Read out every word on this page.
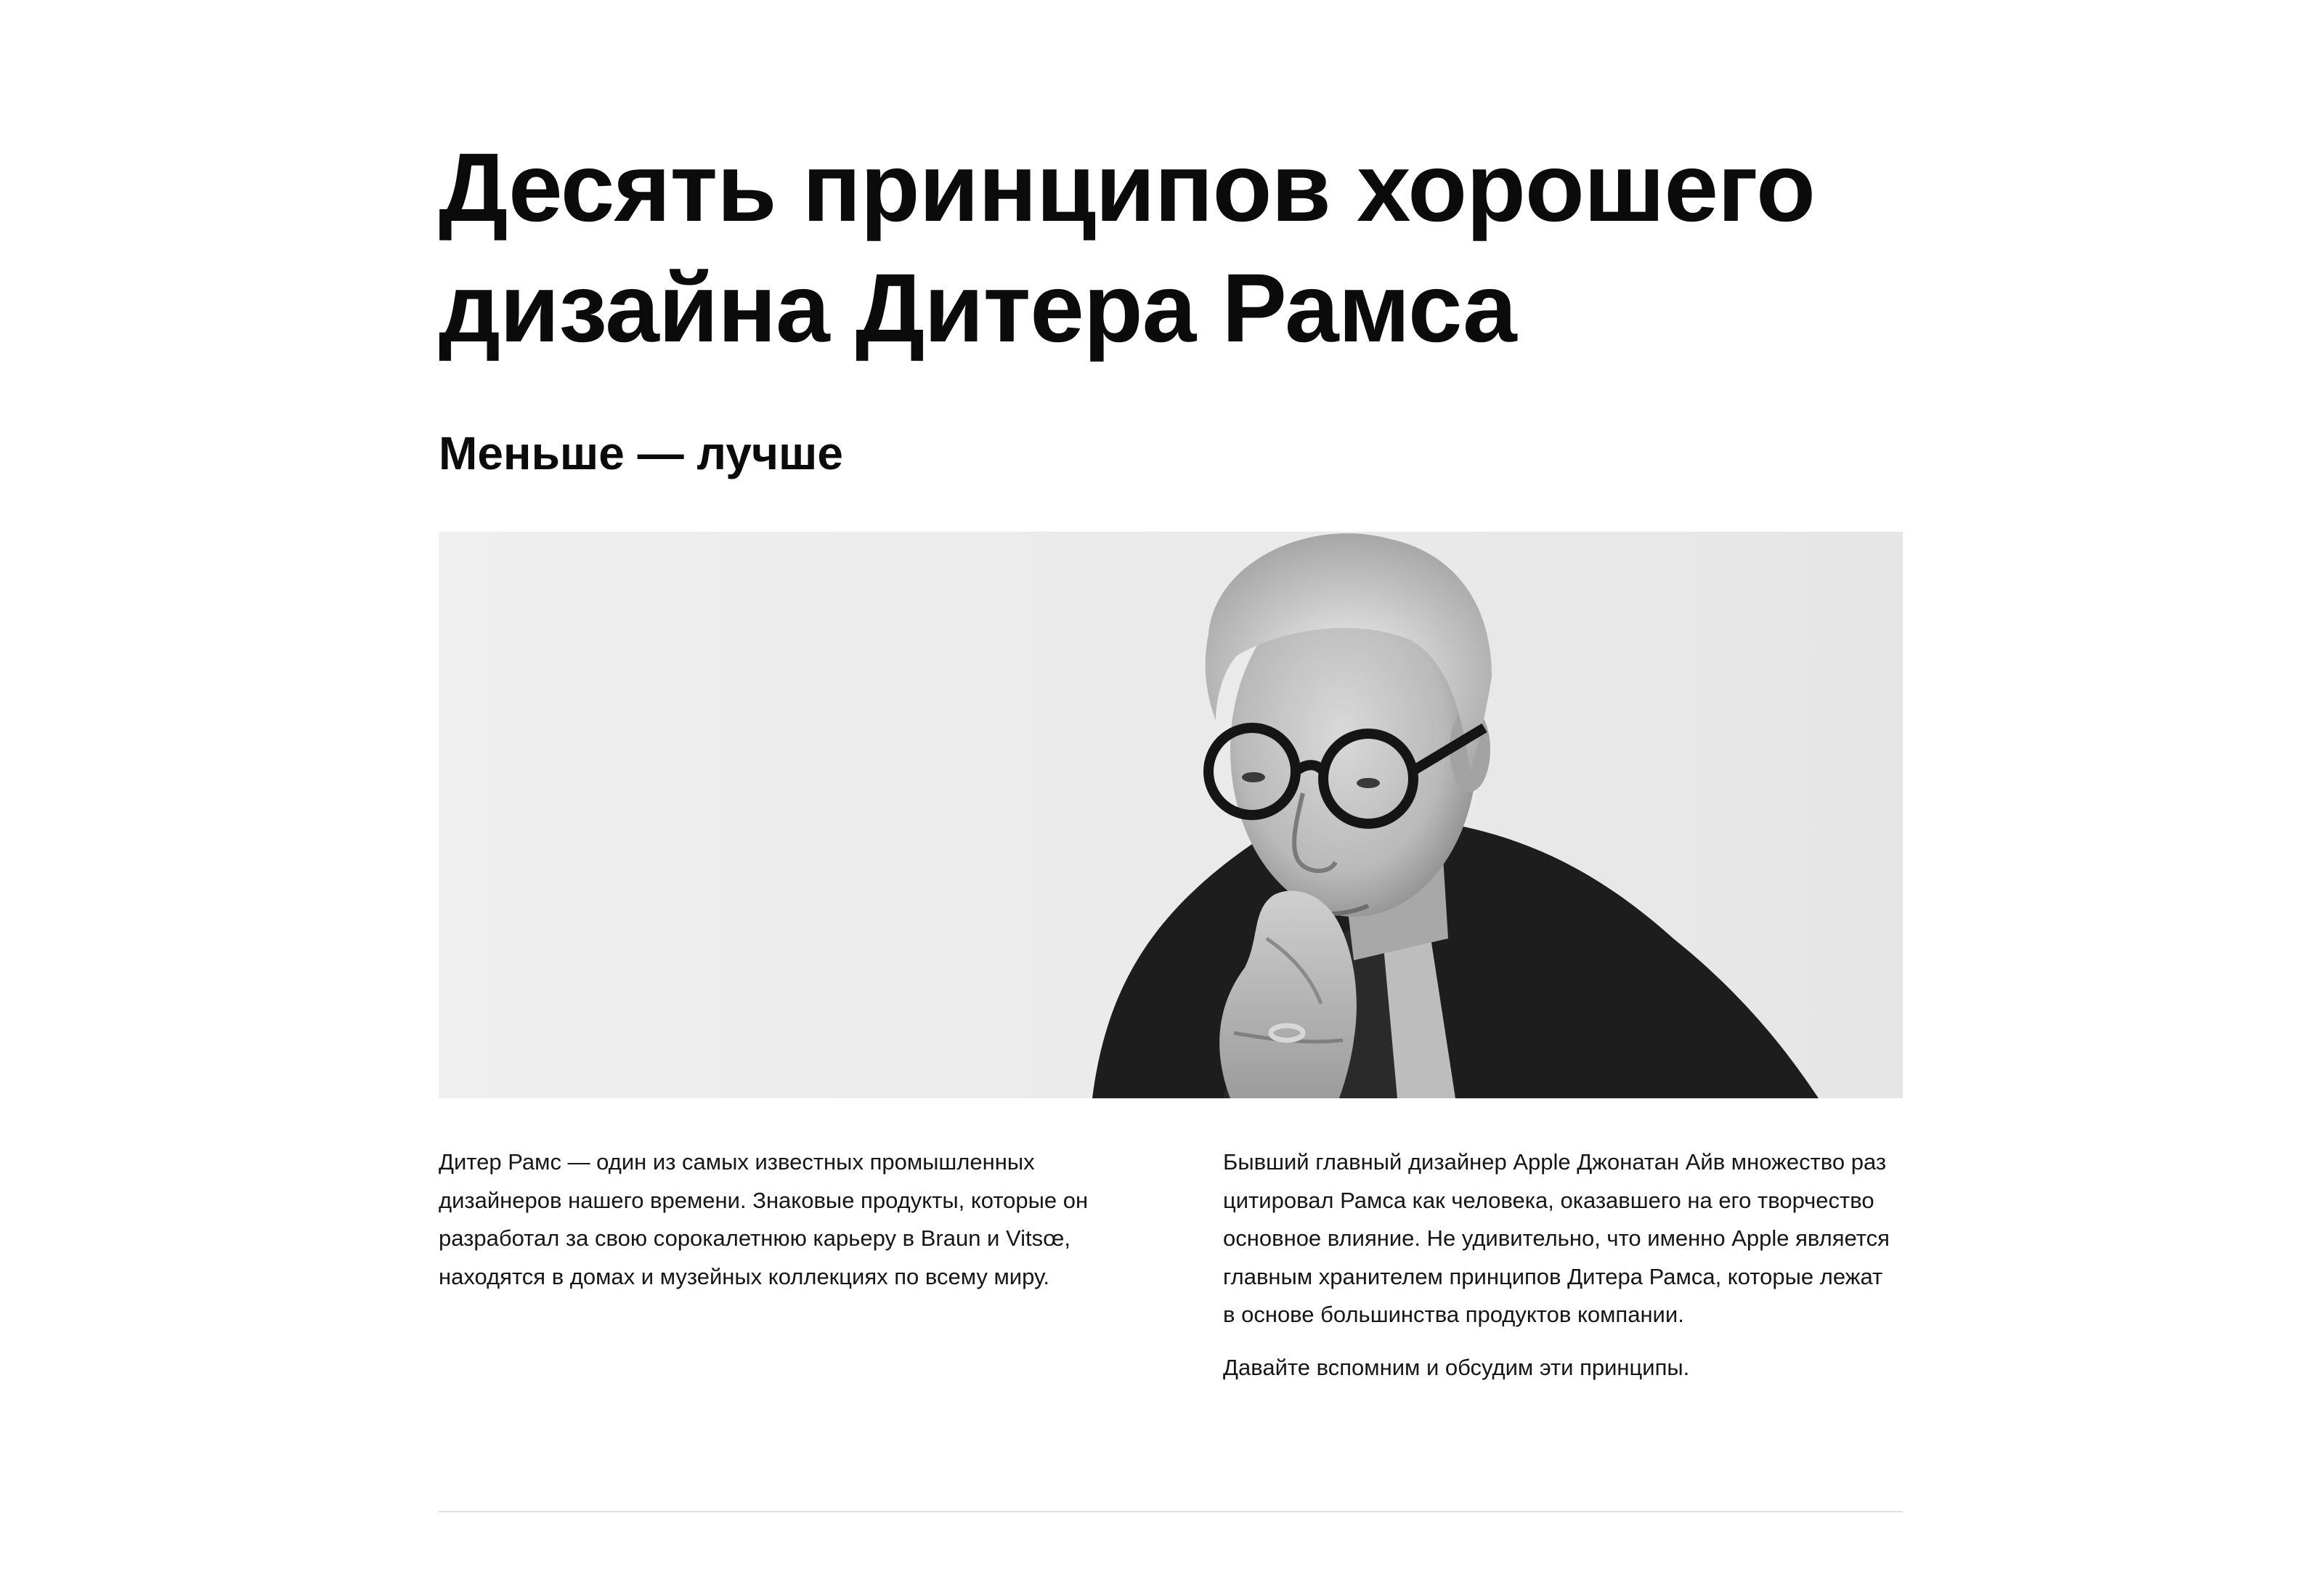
Десять принципов хорошего
дизайна Дитера Рамса
Меньше — лучше

Дитер Рамс — один из самых известных промышленных дизайнеров нашего времени. Знаковые продукты, которые он разработал за свою сорокалетнюю карьеру в Braun и Vitsœ, находятся в домах и музейных коллекциях по всему миру.

Бывший главный дизайнер Apple Джонатан Айв множество раз цитировал Рамса как человека, оказавшего на его творчество основное влияние. Не удивительно, что именно Apple является главным хранителем принципов Дитера Рамса, которые лежат в основе большинства продуктов компании.

Давайте вспомним и обсудим эти принципы.
